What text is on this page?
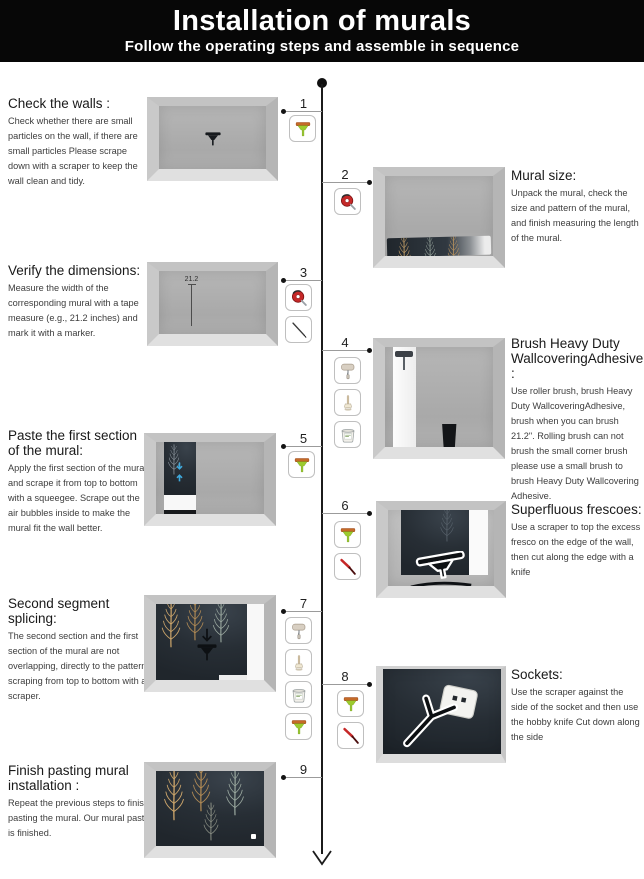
Installation of murals

Follow the operating steps and assemble in sequence

Check the walls :

Check whether there are small particles on the wall, if there are small particles Please scrape down with a scraper to keep the wall clean and tidy.

1
2	Mural size:

Unpack the mural, check the size and pattern of the mural, and finish measuring the length of the mural.

Verify the dimensions:

Measure the width of the corresponding mural with a tape measure (e.g., 21.2 inches) and mark it with a marker.

21.2	3
4	Brush Heavy Duty WallcoveringAdhesive :

Use roller brush, brush Heavy Duty WallcoveringAdhesive, brush when you can brush 21.2". Rolling brush can not brush the small corner brush please use a small brush to brush Heavy Duty Wallcovering Adhesive.

Paste the first section of the mural:

Apply the first section of the mural and scrape it from top to bottom with a squeegee. Scrape out the air bubbles inside to make the mural fit the wall better.

5
6	Superfluous frescoes:

Use a scraper to top the excess fresco on the edge of the wall, then cut along the edge with a knife

Second segment splicing:

The second section and the first section of the mural are not overlapping, directly to the pattern, scraping from top to bottom with a scraper.

7
8	Sockets:

Use the scraper against the side of the socket and then use the hobby knife Cut down along the side

Finish pasting mural installation :

Repeat the previous steps to finish pasting the mural. Our mural paste is finished.

9
